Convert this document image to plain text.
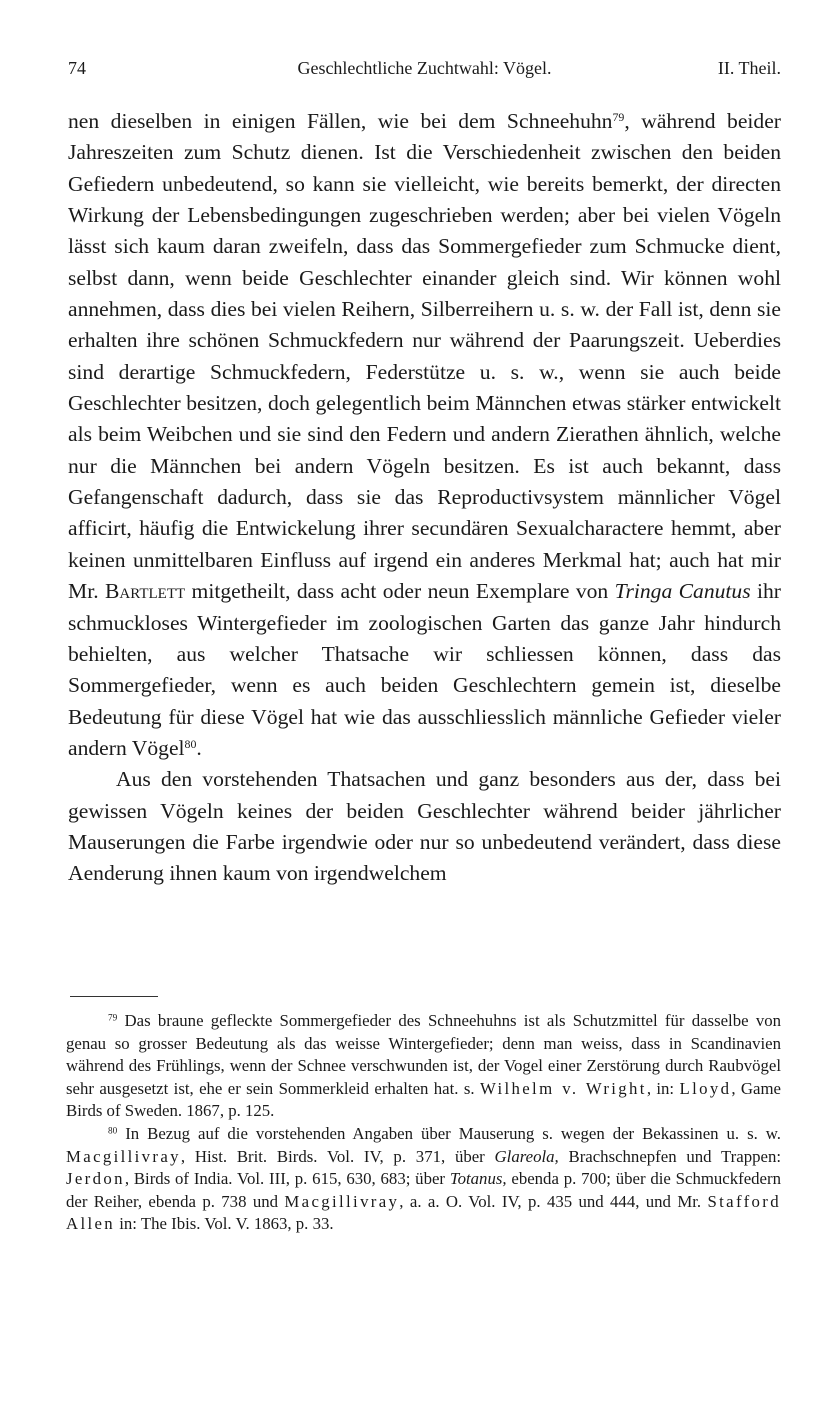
74	Geschlechtliche Zuchtwahl: Vögel.	II. Theil.

nen dieselben in einigen Fällen, wie bei dem Schneehuhn$^{79}$, während beider Jahreszeiten zum Schutz dienen. Ist die Verschiedenheit zwischen den beiden Gefiedern unbedeutend, so kann sie vielleicht, wie bereits bemerkt, der directen Wirkung der Lebensbedingungen zugeschrieben werden; aber bei vielen Vögeln lässt sich kaum daran zweifeln, dass das Sommergefieder zum Schmucke dient, selbst dann, wenn beide Geschlechter einander gleich sind. Wir können wohl annehmen, dass dies bei vielen Reihern, Silberreihern u. s. w. der Fall ist, denn sie erhalten ihre schönen Schmuckfedern nur während der Paarungszeit. Ueberdies sind derartige Schmuckfedern, Federstütze u. s. w., wenn sie auch beide Geschlechter besitzen, doch gelegentlich beim Männchen etwas stärker entwickelt als beim Weibchen und sie sind den Federn und andern Zierathen ähnlich, welche nur die Männchen bei andern Vögeln besitzen. Es ist auch bekannt, dass Gefangenschaft dadurch, dass sie das Reproductivsystem männlicher Vögel afficirt, häufig die Entwickelung ihrer secundären Sexualcharactere hemmt, aber keinen unmittelbaren Einfluss auf irgend ein anderes Merkmal hat; auch hat mir Mr. Bartlett mitgetheilt, dass acht oder neun Exemplare von Tringa Canutus ihr schmuckloses Wintergefieder im zoologischen Garten das ganze Jahr hindurch behielten, aus welcher Thatsache wir schliessen können, dass das Sommergefieder, wenn es auch beiden Geschlechtern gemein ist, dieselbe Bedeutung für diese Vögel hat wie das ausschliesslich männliche Gefieder vieler andern Vögel$^{80}$.

Aus den vorstehenden Thatsachen und ganz besonders aus der, dass bei gewissen Vögeln keines der beiden Geschlechter während beider jährlicher Mauserungen die Farbe irgendwie oder nur so unbedeutend verändert, dass diese Aenderung ihnen kaum von irgendwelchem

$^{79}$ Das braune gefleckte Sommergefieder des Schneehuhns ist als Schutzmittel für dasselbe von genau so grosser Bedeutung als das weisse Wintergefieder; denn man weiss, dass in Scandinavien während des Frühlings, wenn der Schnee verschwunden ist, der Vogel einer Zerstörung durch Raubvögel sehr ausgesetzt ist, ehe er sein Sommerkleid erhalten hat. s. Wilhelm v. Wright, in: Lloyd, Game Birds of Sweden. 1867, p. 125.

$^{80}$ In Bezug auf die vorstehenden Angaben über Mauserung s. wegen der Bekassinen u. s. w. Macgillivray, Hist. Brit. Birds. Vol. IV, p. 371, über Glareola, Brachschnepfen und Trappen: Jerdon, Birds of India. Vol. III, p. 615, 630, 683; über Totanus, ebenda p. 700; über die Schmuckfedern der Reiher, ebenda p. 738 und Macgillivray, a. a. O. Vol. IV, p. 435 und 444, und Mr. Stafford Allen in: The Ibis. Vol. V. 1863, p. 33.
